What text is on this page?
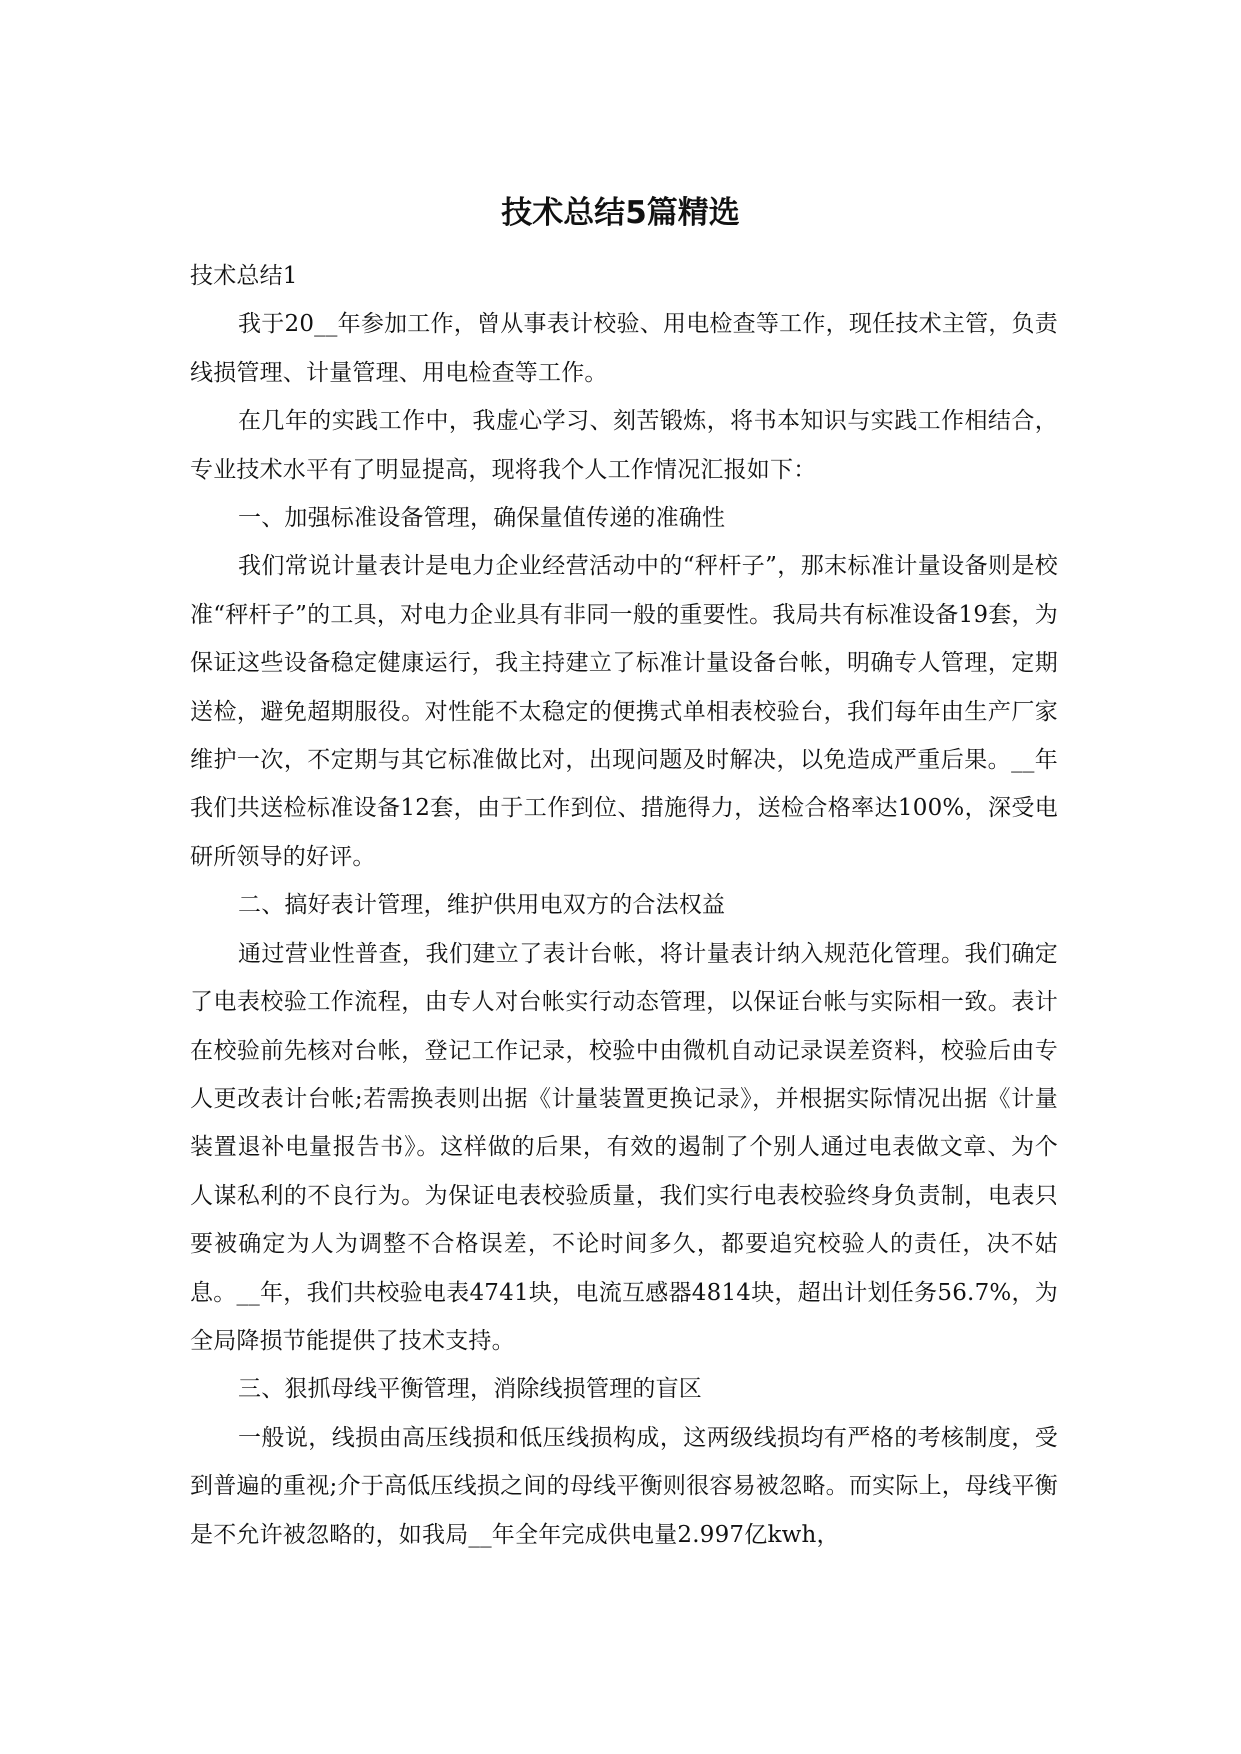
技术总结5篇精选

技术总结1

我于20__年参加工作，曾从事表计校验、用电检查等工作，现任技术主管，负责线损管理、计量管理、用电检查等工作。

在几年的实践工作中，我虚心学习、刻苦锻炼，将书本知识与实践工作相结合，专业技术水平有了明显提高，现将我个人工作情况汇报如下：

一、加强标准设备管理，确保量值传递的准确性

我们常说计量表计是电力企业经营活动中的“秤杆子”，那末标准计量设备则是校准“秤杆子”的工具，对电力企业具有非同一般的重要性。我局共有标准设备19套，为保证这些设备稳定健康运行，我主持建立了标准计量设备台帐，明确专人管理，定期送检，避免超期服役。对性能不太稳定的便携式单相表校验台，我们每年由生产厂家维护一次，不定期与其它标准做比对，出现问题及时解决，以免造成严重后果。__年我们共送检标准设备12套，由于工作到位、措施得力，送检合格率达100%，深受电研所领导的好评。

二、搞好表计管理，维护供用电双方的合法权益

通过营业性普查，我们建立了表计台帐，将计量表计纳入规范化管理。我们确定了电表校验工作流程，由专人对台帐实行动态管理，以保证台帐与实际相一致。表计在校验前先核对台帐，登记工作记录，校验中由微机自动记录误差资料，校验后由专人更改表计台帐;若需换表则出据《计量装置更换记录》，并根据实际情况出据《计量装置退补电量报告书》。这样做的后果，有效的遏制了个别人通过电表做文章、为个人谋私利的不良行为。为保证电表校验质量，我们实行电表校验终身负责制，电表只要被确定为人为调整不合格误差，不论时间多久，都要追究校验人的责任，决不姑息。__年，我们共校验电表4741块，电流互感器4814块，超出计划任务56.7%，为全局降损节能提供了技术支持。

三、狠抓母线平衡管理，消除线损管理的盲区

一般说，线损由高压线损和低压线损构成，这两级线损均有严格的考核制度，受到普遍的重视;介于高低压线损之间的母线平衡则很容易被忽略。而实际上，母线平衡是不允许被忽略的，如我局__年全年完成供电量2.997亿kwh，
